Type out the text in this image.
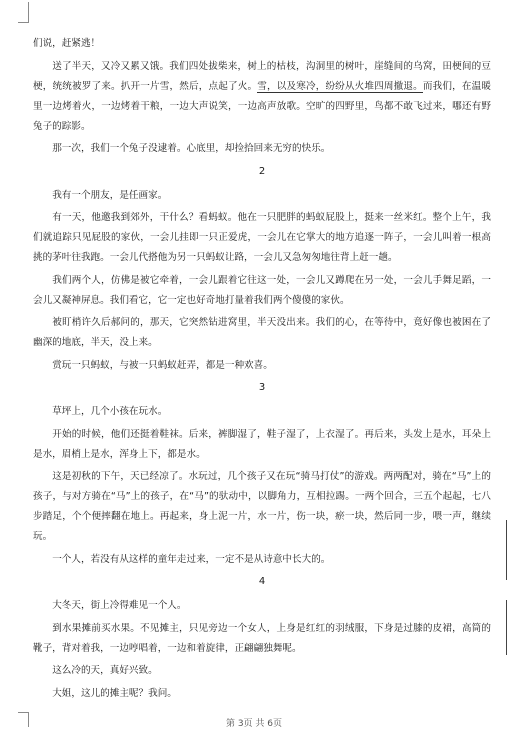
们说，赶紧逃！

送了半天，又冷又累又饿。我们四处拔柴来，树上的枯枝，沟洞里的树叶，崖缝间的乌窝，田梗间的豆梗，统统被罗了来。扒开一片雪，然后，点起了火。雪，以及寒冷，纷纷从火堆四周撤退。而我们，在温暖里一边烤着火，一边烤着干粮，一边大声说笑，一边高声放歌。空旷的四野里，鸟都不敢飞过来，哪还有野兔子的踪影。

那一次，我们一个兔子没逮着。心底里，却捡拾回来无穷的快乐。

2

我有一个朋友，是任画家。

有一天，他邀我到郊外，干什么？看蚂蚁。他在一只肥胖的蚂蚁屁股上，挺来一丝米红。整个上午，我们就追踪只见屁股的家伙，一会儿挂即一只正爱虎，一会儿在它掌大的地方追逐一阵子，一会儿叫着一根高挑的茅叶往我跑。一会儿代搭他为另一只蚂蚁让路，一会儿又急匆匆地往背上赶一趟。

我们两个人，仿佛是被它牵着，一会儿跟着它往这一处，一会儿又蹲爬在另一处，一会儿手舞足蹈，一会儿又凝神屏息。我们看它，它一定也好奇地打量着我们两个傻傻的家伙。

被盯梢许久后郝问的，那天，它突然钻进窝里，半天没出来。我们的心，在等待中，竟好像也被困在了幽深的地底，半天，没上来。

赏玩一只蚂蚁，与被一只蚂蚁赶弄，都是一种欢喜。

3

草坪上，几个小孩在玩水。

开始的时候，他们还挺着鞋袜。后来，裤脚湿了，鞋子湿了，上衣湿了。再后来，头发上是水，耳朵上是水，眉梢上是水，浑身上下，都是水。

这是初秋的下午，天已经凉了。水玩过，几个孩子又在玩“骑马打仗”的游戏。两两配对，骑在“马”上的孩子，与对方骑在“马”上的孩子，在“马”的驮动中，以脚角力，互相拉踢。一两个回合，三五个起起，七八步踏足，个个便摔翻在地上。再起来，身上泥一片，水一片，伤一块，瘀一块，然后同一步，喂一声，继续玩。

一个人，若没有从这样的童年走过来，一定不是从诗意中长大的。

4

大冬天，街上冷得难见一个人。

到水果摊前买水果。不见摊主，只见旁边一个女人，上身是红红的羽绒服，下身是过膝的皮裙，高筒的靴子，背对着我，一边哼唱着，一边和着旋律，正翩翩独舞呢。

这么冷的天，真好兴致。

大姐，这儿的摊主呢？我问。

第 3页 共 6页
